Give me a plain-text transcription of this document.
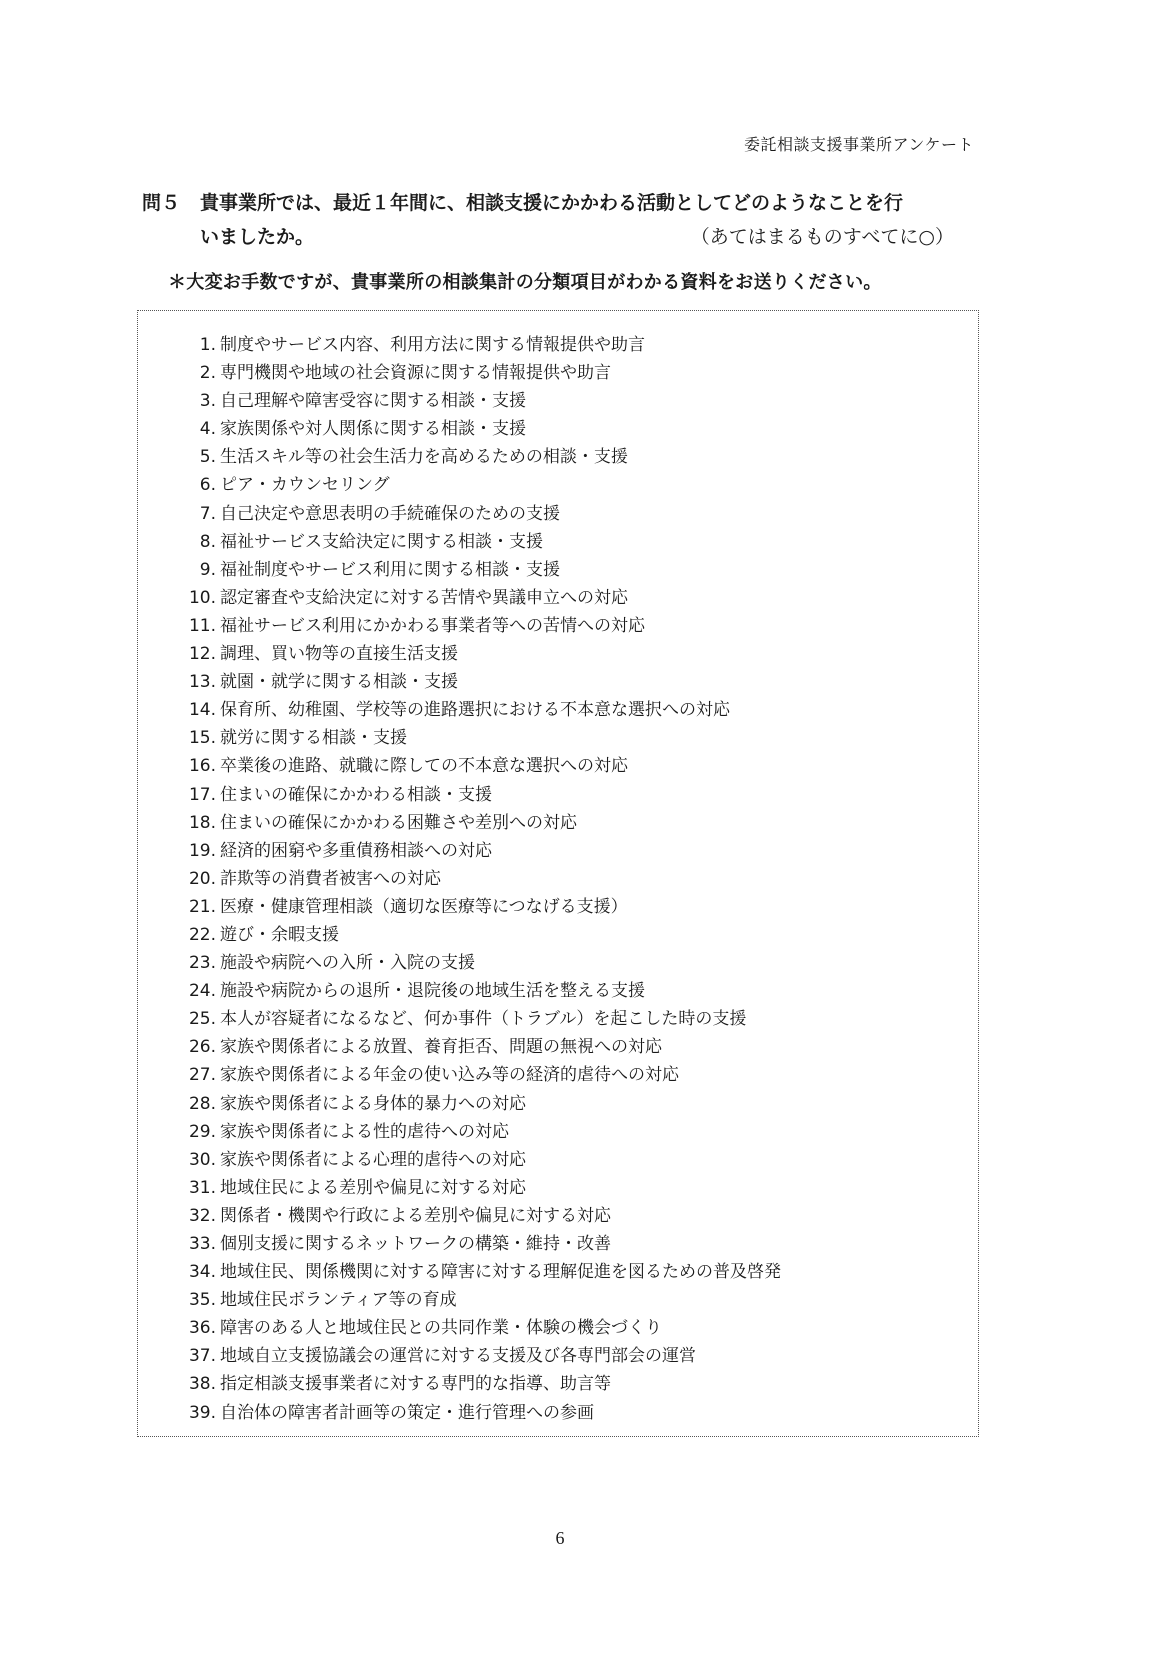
委託相談支援事業所アンケート
問５ 貴事業所では、最近１年間に、相談支援にかかわる活動としてどのようなことを行
いましたか。	（あてはまるものすべてに○）
＊大変お手数ですが、貴事業所の相談集計の分類項目がわかる資料をお送りください。
1. 制度やサービス内容、利用方法に関する情報提供や助言
2. 専門機関や地域の社会資源に関する情報提供や助言
3. 自己理解や障害受容に関する相談・支援
4. 家族関係や対人関係に関する相談・支援
5. 生活スキル等の社会生活力を高めるための相談・支援
6. ピア・カウンセリング
7. 自己決定や意思表明の手続確保のための支援
8. 福祉サービス支給決定に関する相談・支援
9. 福祉制度やサービス利用に関する相談・支援
10. 認定審査や支給決定に対する苦情や異議申立への対応
11. 福祉サービス利用にかかわる事業者等への苦情への対応
12. 調理、買い物等の直接生活支援
13. 就園・就学に関する相談・支援
14. 保育所、幼稚園、学校等の進路選択における不本意な選択への対応
15. 就労に関する相談・支援
16. 卒業後の進路、就職に際しての不本意な選択への対応
17. 住まいの確保にかかわる相談・支援
18. 住まいの確保にかかわる困難さや差別への対応
19. 経済的困窮や多重債務相談への対応
20. 詐欺等の消費者被害への対応
21. 医療・健康管理相談（適切な医療等につなげる支援）
22. 遊び・余暇支援
23. 施設や病院への入所・入院の支援
24. 施設や病院からの退所・退院後の地域生活を整える支援
25. 本人が容疑者になるなど、何か事件（トラブル）を起こした時の支援
26. 家族や関係者による放置、養育拒否、問題の無視への対応
27. 家族や関係者による年金の使い込み等の経済的虐待への対応
28. 家族や関係者による身体的暴力への対応
29. 家族や関係者による性的虐待への対応
30. 家族や関係者による心理的虐待への対応
31. 地域住民による差別や偏見に対する対応
32. 関係者・機関や行政による差別や偏見に対する対応
33. 個別支援に関するネットワークの構築・維持・改善
34. 地域住民、関係機関に対する障害に対する理解促進を図るための普及啓発
35. 地域住民ボランティア等の育成
36. 障害のある人と地域住民との共同作業・体験の機会づくり
37. 地域自立支援協議会の運営に対する支援及び各専門部会の運営
38. 指定相談支援事業者に対する専門的な指導、助言等
39. 自治体の障害者計画等の策定・進行管理への参画
6
